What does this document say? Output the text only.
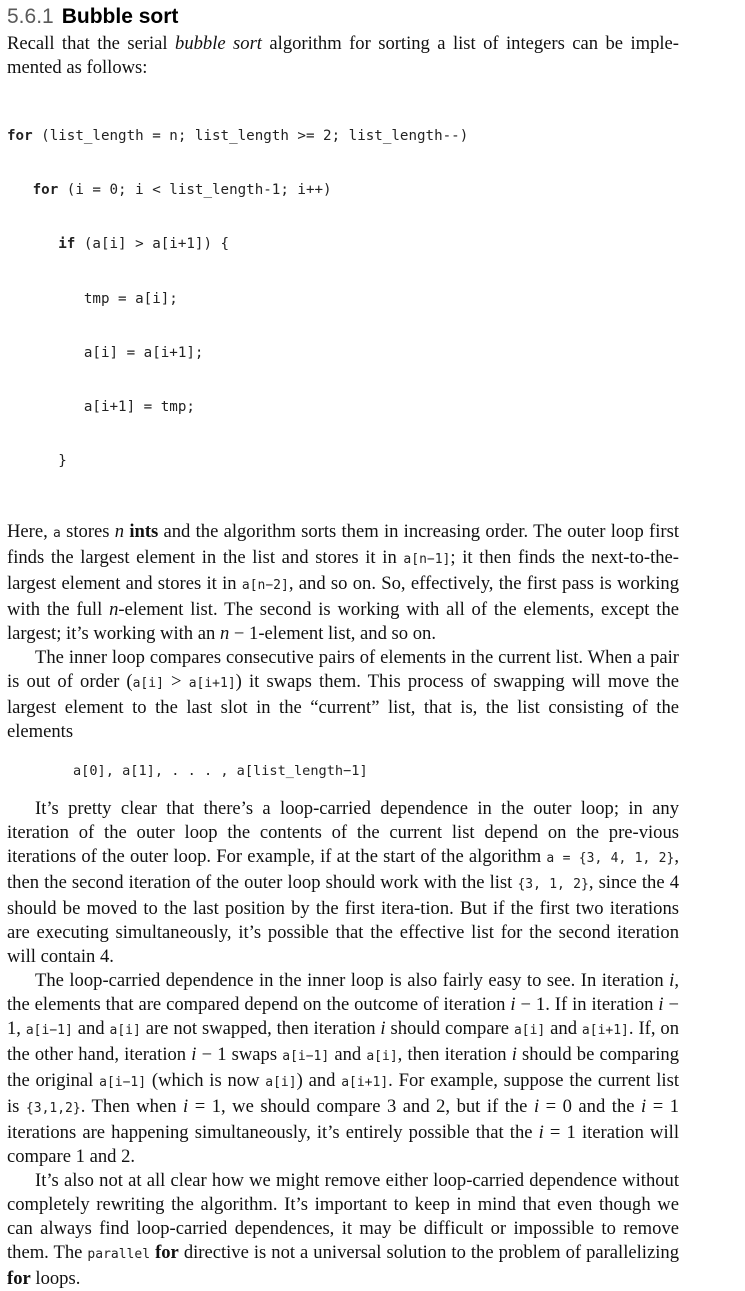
5.6.1 Bubble sort

Recall that the serial bubble sort algorithm for sorting a list of integers can be imple-mented as follows:

for (list_length = n; list_length >= 2; list_length--)

for (i = 0; i < list_length-1; i++)

if (a[i] > a[i+1]) {

tmp = a[i];

a[i] = a[i+1];

a[i+1] = tmp;

}

Here, a stores n ints and the algorithm sorts them in increasing order. The outer loop first finds the largest element in the list and stores it in a[n−1]; it then finds the next-to-the-largest element and stores it in a[n−2], and so on. So, effectively, the first pass is working with the full n-element list. The second is working with all of the elements, except the largest; it’s working with an n − 1-element list, and so on.

The inner loop compares consecutive pairs of elements in the current list. When a pair is out of order (a[i] > a[i+1]) it swaps them. This process of swapping will move the largest element to the last slot in the “current” list, that is, the list consisting of the elements

a[0], a[1], . . . , a[list_length−1]

It’s pretty clear that there’s a loop-carried dependence in the outer loop; in any iteration of the outer loop the contents of the current list depend on the pre-vious iterations of the outer loop. For example, if at the start of the algorithm a = {3, 4, 1, 2}, then the second iteration of the outer loop should work with the list {3, 1, 2}, since the 4 should be moved to the last position by the first itera-tion. But if the first two iterations are executing simultaneously, it’s possible that the effective list for the second iteration will contain 4.

The loop-carried dependence in the inner loop is also fairly easy to see. In iteration i, the elements that are compared depend on the outcome of iteration i − 1. If in iteration i − 1, a[i−1] and a[i] are not swapped, then iteration i should compare a[i] and a[i+1]. If, on the other hand, iteration i − 1 swaps a[i−1] and a[i], then iteration i should be comparing the original a[i−1] (which is now a[i]) and a[i+1]. For example, suppose the current list is {3,1,2}. Then when i = 1, we should compare 3 and 2, but if the i = 0 and the i = 1 iterations are happening simultaneously, it’s entirely possible that the i = 1 iteration will compare 1 and 2.

It’s also not at all clear how we might remove either loop-carried dependence without completely rewriting the algorithm. It’s important to keep in mind that even though we can always find loop-carried dependences, it may be difficult or impossible to remove them. The parallel for directive is not a universal solution to the problem of parallelizing for loops.
